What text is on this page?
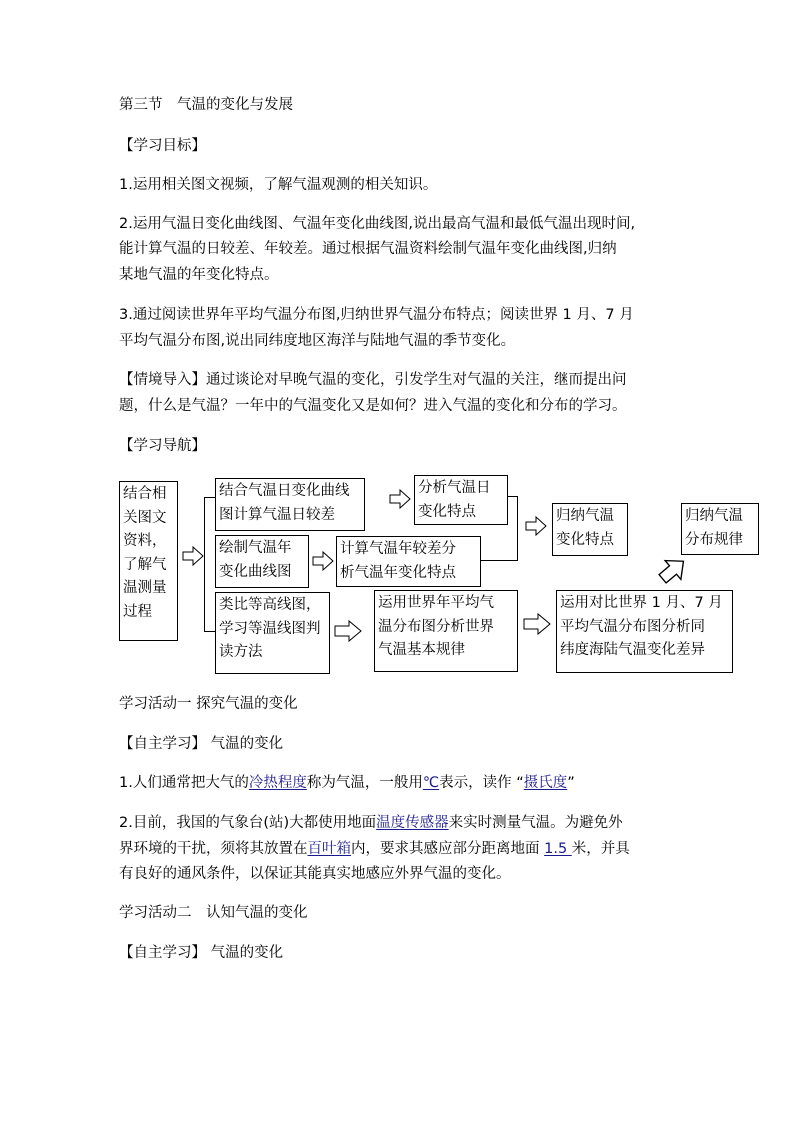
第三节　气温的变化与发展
【学习目标】
1.运用相关图文视频，了解气温观测的相关知识。
2.运用气温日变化曲线图、气温年变化曲线图,说出最高气温和最低气温出现时间,
能计算气温的日较差、年较差。通过根据气温资料绘制气温年变化曲线图,归纳
某地气温的年变化特点。
3.通过阅读世界年平均气温分布图,归纳世界气温分布特点；阅读世界 1 月、7 月
平均气温分布图,说出同纬度地区海洋与陆地气温的季节变化。
【情境导入】通过谈论对早晚气温的变化，引发学生对气温的关注，继而提出问
题，什么是气温？一年中的气温变化又是如何？进入气温的变化和分布的学习。
【学习导航】
结合相
关图文
资料，
了解气
温测量
过程
结合气温日变化曲线
图计算气温日较差
分析气温日
变化特点
绘制气温年
变化曲线图
计算气温年较差分
析气温年变化特点
归纳气温
变化特点
归纳气温
分布规律
类比等高线图，
学习等温线图判
读方法
运用世界年平均气
温分布图分析世界
气温基本规律
运用对比世界 1 月、7 月
平均气温分布图分析同
纬度海陆气温变化差异
学习活动一 探究气温的变化
【自主学习】 气温的变化
1.人们通常把大气的冷热程度称为气温，一般用℃表示，读作 “摄氏度”
2.目前，我国的气象台(站)大都使用地面温度传感器来实时测量气温。为避免外
界环境的干扰，须将其放置在百叶箱内，要求其感应部分距离地面 1.5 米，并具
有良好的通风条件，以保证其能真实地感应外界气温的变化。
学习活动二　认知气温的变化
【自主学习】 气温的变化
